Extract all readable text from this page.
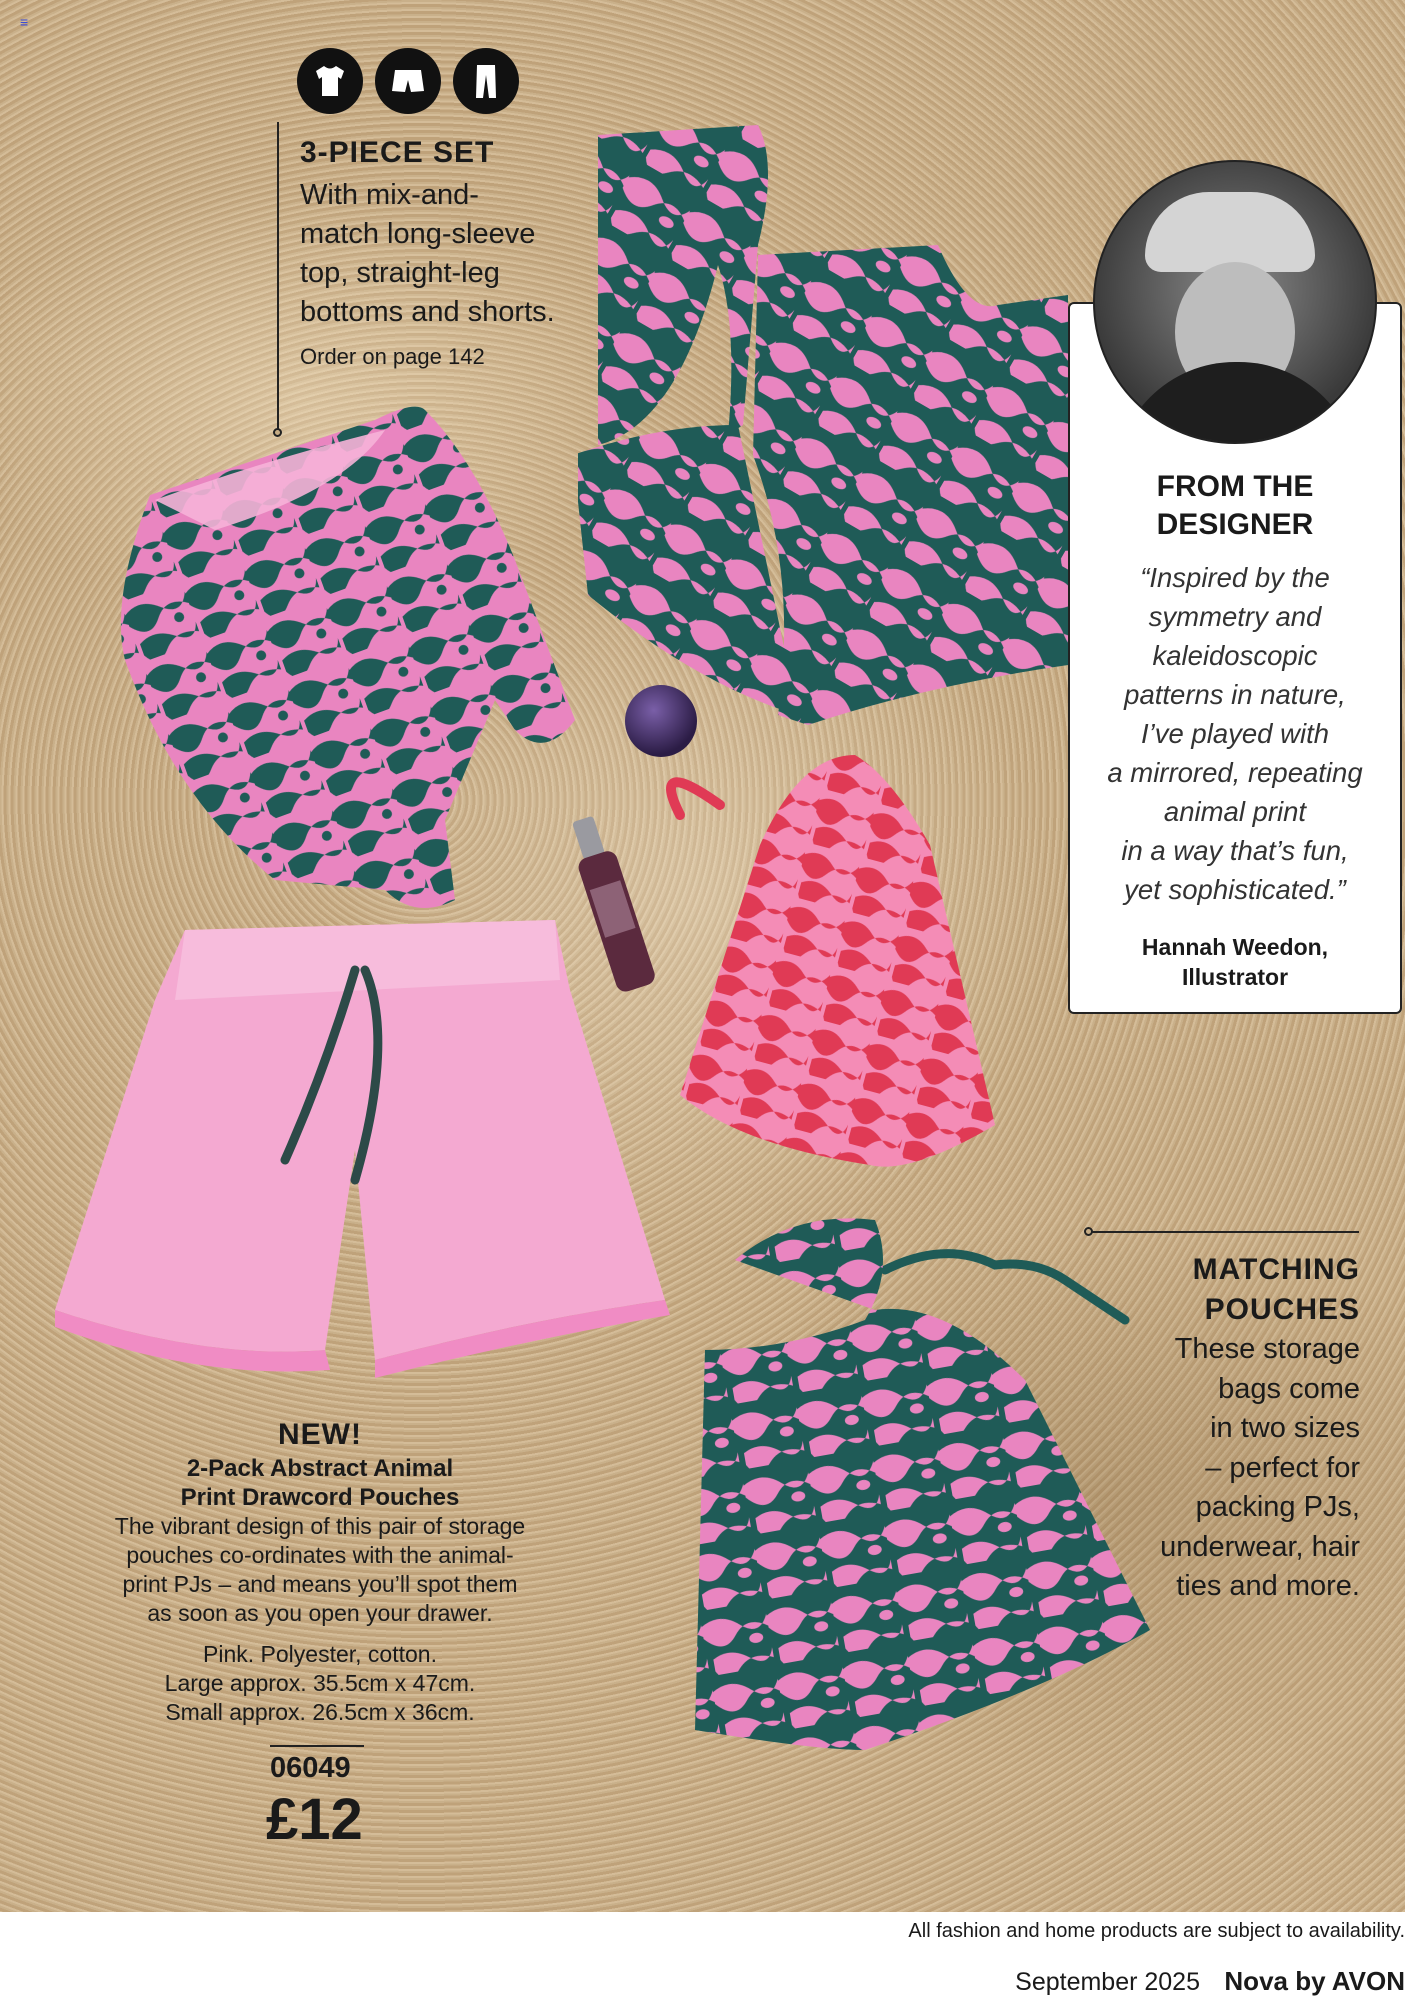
≡
3-PIECE SET
With mix-and-
match long-sleeve
top, straight-leg
bottoms and shorts.
Order on page 142
FROM THE
DESIGNER
“Inspired by the
symmetry and
kaleidoscopic
patterns in nature,
I’ve played with
a mirrored, repeating
animal print
in a way that’s fun,
yet sophisticated.”
Hannah Weedon,
Illustrator
MATCHING
POUCHES
These storage
bags come
in two sizes
– perfect for
packing PJs,
underwear, hair
ties and more.
NEW!
2-Pack Abstract Animal
Print Drawcord Pouches
The vibrant design of this pair of storage
pouches co-ordinates with the animal-
print PJs – and means you’ll spot them
as soon as you open your drawer.
Pink. Polyester, cotton.
Large approx. 35.5cm x 47cm.
Small approx. 26.5cm x 36cm.
06049
£12
All fashion and home products are subject to availability.
September 2025 Nova by AVON
